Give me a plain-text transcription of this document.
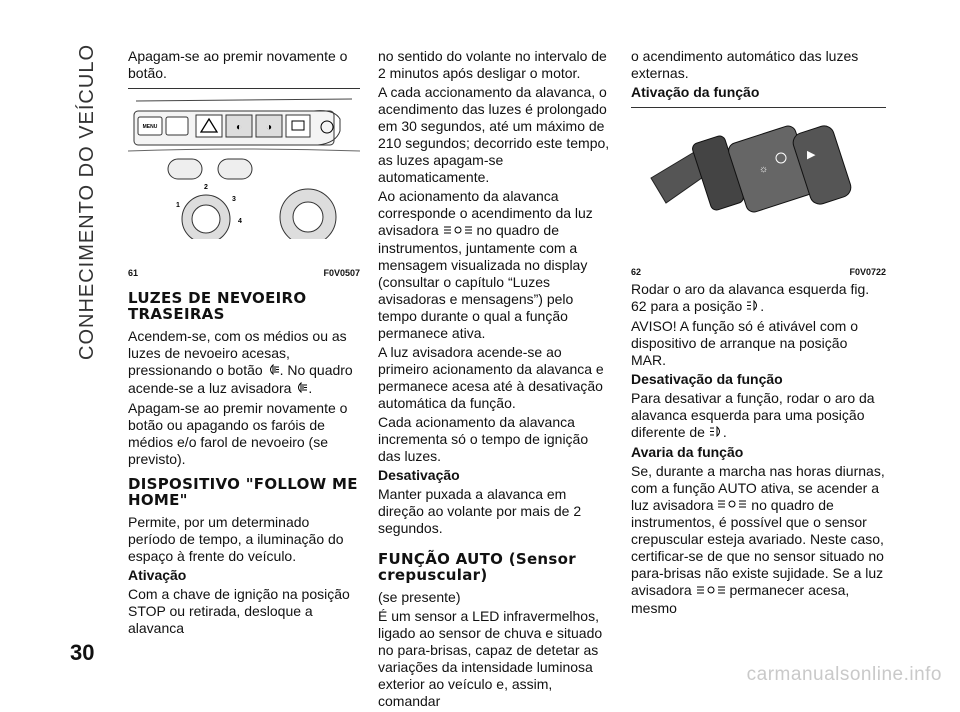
CONHECIMENTO DO VEÍCULO Apagam-se ao premir novamente o botão.

MENU	◐ ◑
1
2
3
4
61	F0V0507
LUZES DE NEVOEIRO TRASEIRAS

Acendem-se, com os médios ou as luzes de nevoeiro acesas, pressionando o botão . No quadro acende-se a luz avisadora .

Apagam-se ao premir novamente o botão ou apagando os faróis de médios e/o farol de nevoeiro (se previsto).

DISPOSITIVO "FOLLOW ME HOME"

Permite, por um determinado período de tempo, a iluminação do espaço à frente do veículo.

Ativação

Com a chave de ignição na posição STOP ou retirada, desloque a alavanca

no sentido do volante no intervalo de 2 minutos após desligar o motor.

A cada accionamento da alavanca, o acendimento das luzes é prolongado em 30 segundos, até um máximo de 210 segundos; decorrido este tempo, as luzes apagam-se automaticamente.

Ao acionamento da alavanca corresponde o acendimento da luz avisadora	no quadro de instrumentos, juntamente com a mensagem visualizada no display (consultar o capítulo “Luzes avisadoras e mensagens”) pelo tempo durante o qual a função permanece ativa.

A luz avisadora acende-se ao primeiro acionamento da alavanca e permanece acesa até à desativação automática da função.

Cada acionamento da alavanca incrementa só o tempo de ignição das luzes.

Desativação

Manter puxada a alavanca em direção ao volante por mais de 2 segundos.

FUNÇÃO AUTO (Sensor crepuscular)

(se presente)

É um sensor a LED infravermelhos, ligado ao sensor de chuva e situado no para-brisas, capaz de detetar as variações da intensidade luminosa exterior ao veículo e, assim, comandar

o acendimento automático das luzes externas.

Ativação da função
☼
▶
62	F0V0722

Rodar o aro da alavanca esquerda fig. 62 para a posição .

AVISO! A função só é ativável com o dispositivo de arranque na posição MAR.

Desativação da função

Para desativar a função, rodar o aro da alavanca esquerda para uma posição diferente de .

Avaria da função

Se, durante a marcha nas horas diurnas, com a função AUTO ativa, se acender a luz avisadora	no quadro de instrumentos, é possível que o sensor crepuscular esteja avariado. Neste caso, certificar-se de que no sensor situado no para-brisas não existe sujidade. Se a luz avisadora	permanecer acesa, mesmo

30
carmanualsonline.info
